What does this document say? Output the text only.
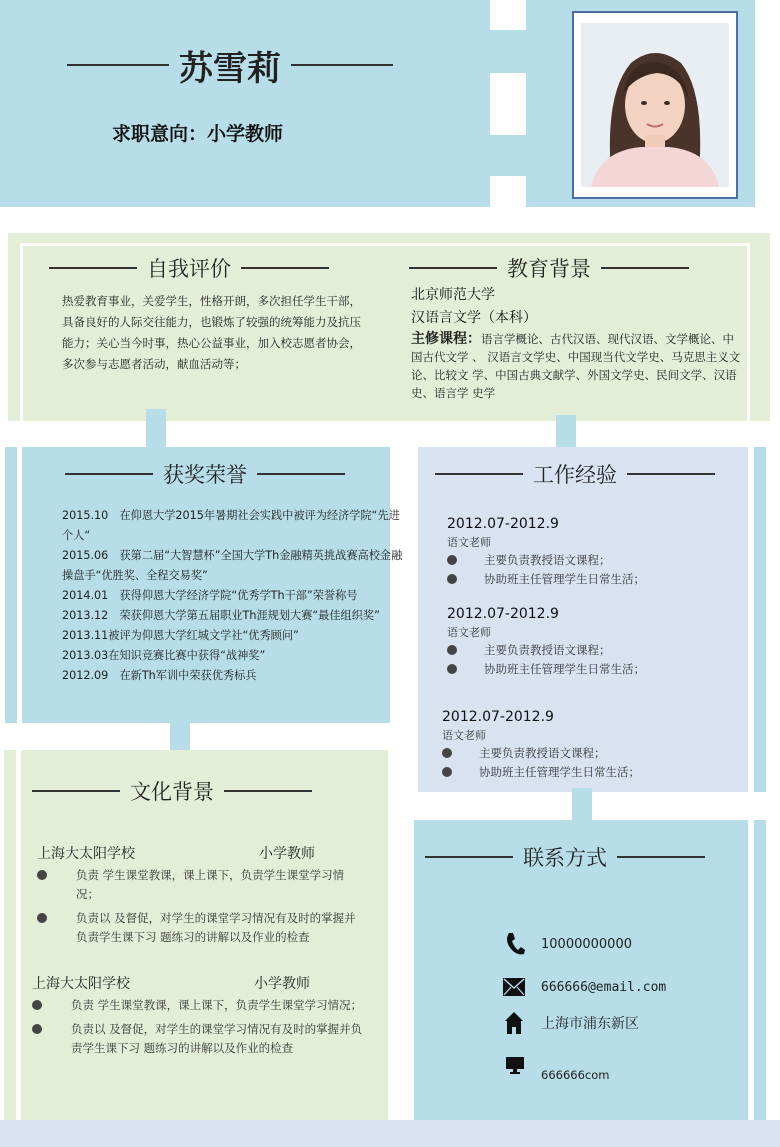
苏雪莉
求职意向：小学教师
自我评价
热爱教育事业，关爱学生，性格开朗，多次担任学生干部，具备良好的人际交往能力，也锻炼了较强的统筹能力及抗压能力；关心当今时事，热心公益事业，加入校志愿者协会，多次参与志愿者活动，献血活动等；
教育背景
北京师范大学
汉语言文学（本科）
主修课程：语言学概论、古代汉语、现代汉语、文学概论、中国古代文学 、 汉语言文学史、中国现当代文学史、马克思主义文论、比较文 学、中国古典文献学、外国文学史、民间文学、汉语史、语言学 史学
获奖荣誉
2015.10　在仰恩大学2015年暑期社会实践中被评为经济学院“先进个人“
2015.06　获第二届“大智慧杯”全国大学Th金融精英挑战赛高校金融操盘手“优胜奖、全程交易奖”
2014.01　获得仰恩大学经济学院“优秀学Th干部”荣誉称号
2013.12　荣获仰恩大学第五届职业Th涯规划大赛“最佳组织奖”
2013.11被评为仰恩大学红城文学社“优秀顾问”
2013.03在知识竞赛比赛中获得“战神奖”
2012.09　在新Th军训中荣获优秀标兵
工作经验
2012.07-2012.9
语文老师
主要负责教授语文课程；
协助班主任管理学生日常生活；
2012.07-2012.9
语文老师
主要负责教授语文课程；
协助班主任管理学生日常生活；
2012.07-2012.9
语文老师
主要负责教授语文课程；
协助班主任管理学生日常生活；
文化背景
上海大太阳学校	小学教师
负责 学生课堂教课，课上课下，负责学生课堂学习情况；
负责以 及督促，对学生的课堂学习情况有及时的掌握并负责学生课下习 题练习的讲解以及作业的检查
上海大太阳学校	小学教师
负责 学生课堂教课，课上课下，负责学生课堂学习情况；
负责以 及督促，对学生的课堂学习情况有及时的掌握并负责学生课下习 题练习的讲解以及作业的检查
联系方式
10000000000
666666@email.com
上海市浦东新区
666666com
